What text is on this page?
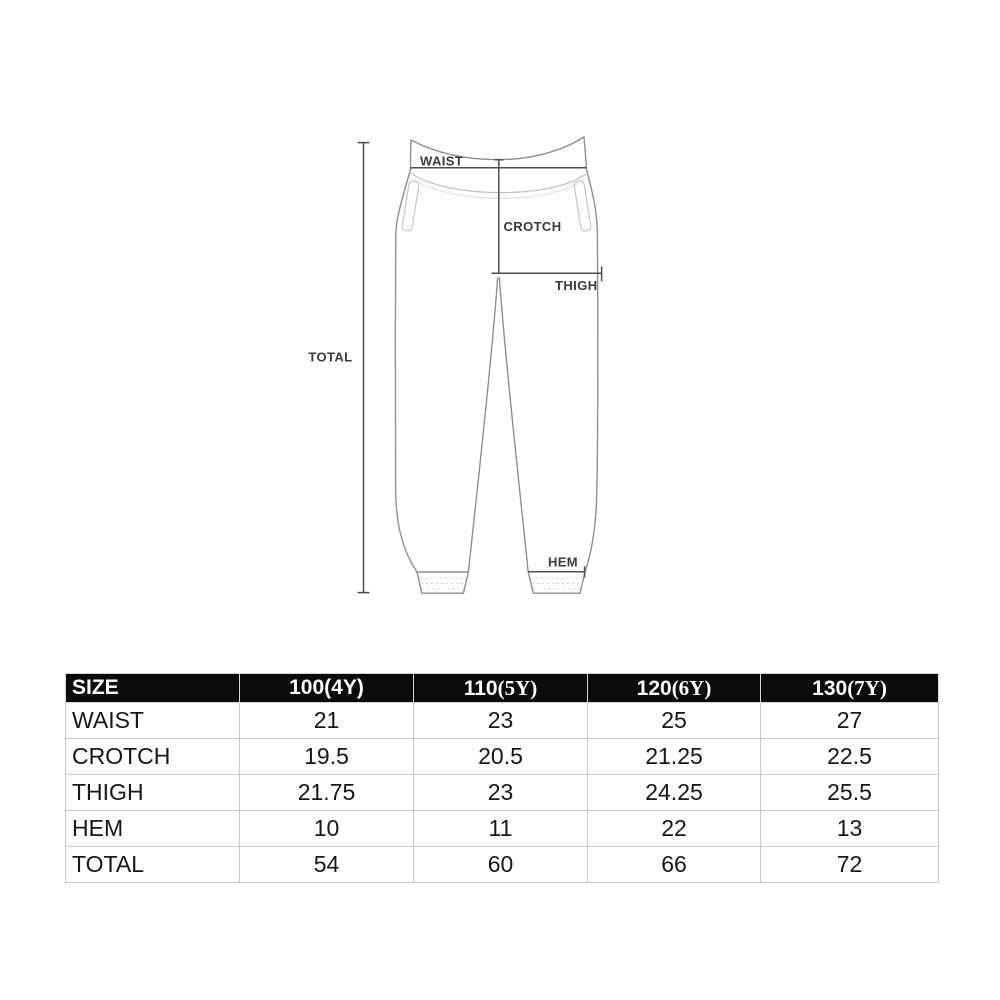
WAIST
CROTCH
THIGH
HEM
TOTAL
SIZE	100(4Y)	110(5Y)	120(6Y)	130(7Y)
WAIST	21	23	25	27
CROTCH	19.5	20.5	21.25	22.5
THIGH	21.75	23	24.25	25.5
HEM	10	11	22	13
TOTAL	54	60	66	72
